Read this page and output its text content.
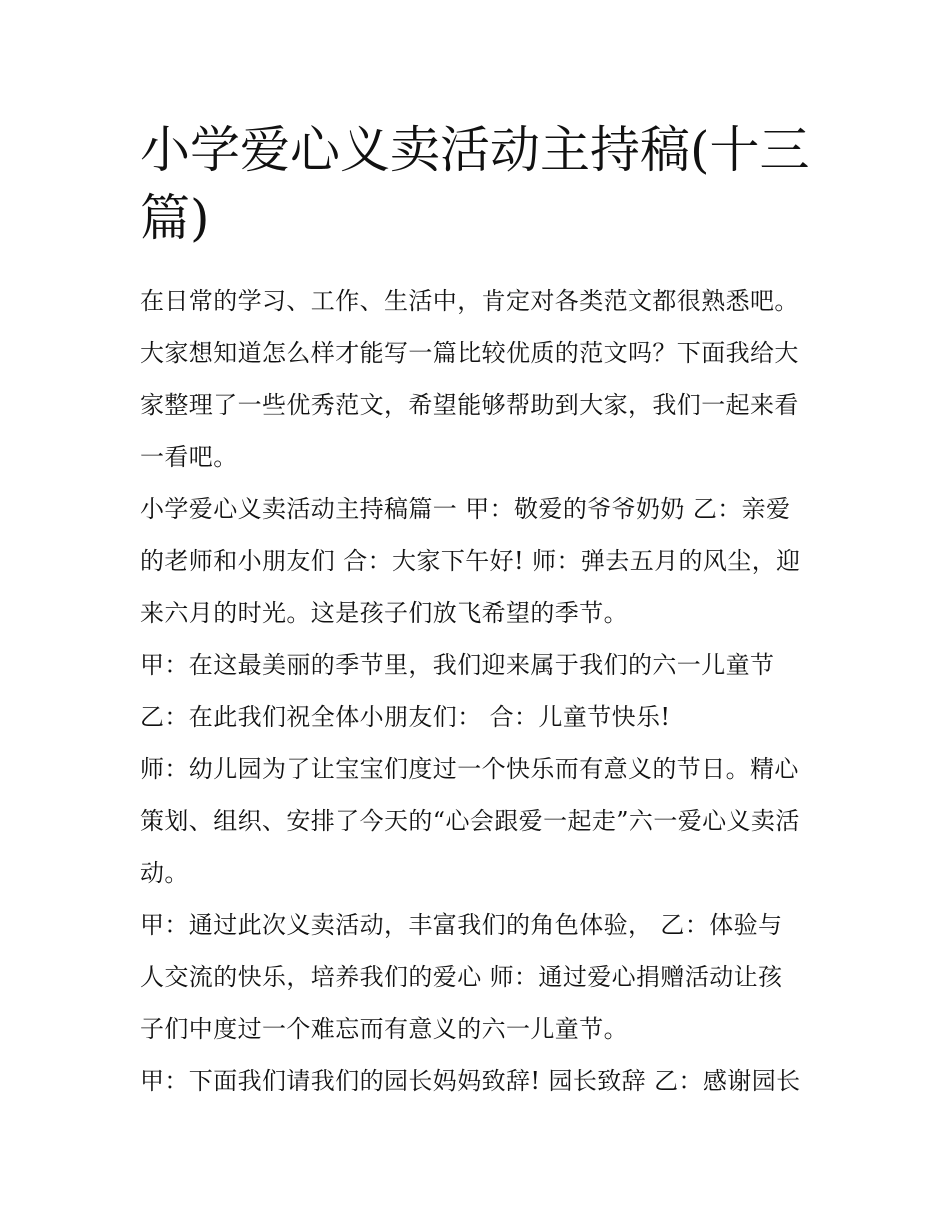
小学爱心义卖活动主持稿(十三
篇)
在日常的学习、工作、生活中，肯定对各类范文都很熟悉吧。
大家想知道怎么样才能写一篇比较优质的范文吗？下面我给大
家整理了一些优秀范文，希望能够帮助到大家，我们一起来看
一看吧。
小学爱心义卖活动主持稿篇一 甲：敬爱的爷爷奶奶 乙：亲爱
的老师和小朋友们 合：大家下午好! 师：弹去五月的风尘，迎
来六月的时光。这是孩子们放飞希望的季节。
甲：在这最美丽的季节里，我们迎来属于我们的六一儿童节
乙：在此我们祝全体小朋友们： 合：儿童节快乐!
师：幼儿园为了让宝宝们度过一个快乐而有意义的节日。精心
策划、组织、安排了今天的“心会跟爱一起走”六一爱心义卖活
动。
甲：通过此次义卖活动，丰富我们的角色体验， 乙：体验与
人交流的快乐，培养我们的爱心 师：通过爱心捐赠活动让孩
子们中度过一个难忘而有意义的六一儿童节。
甲：下面我们请我们的园长妈妈致辞! 园长致辞 乙：感谢园长
